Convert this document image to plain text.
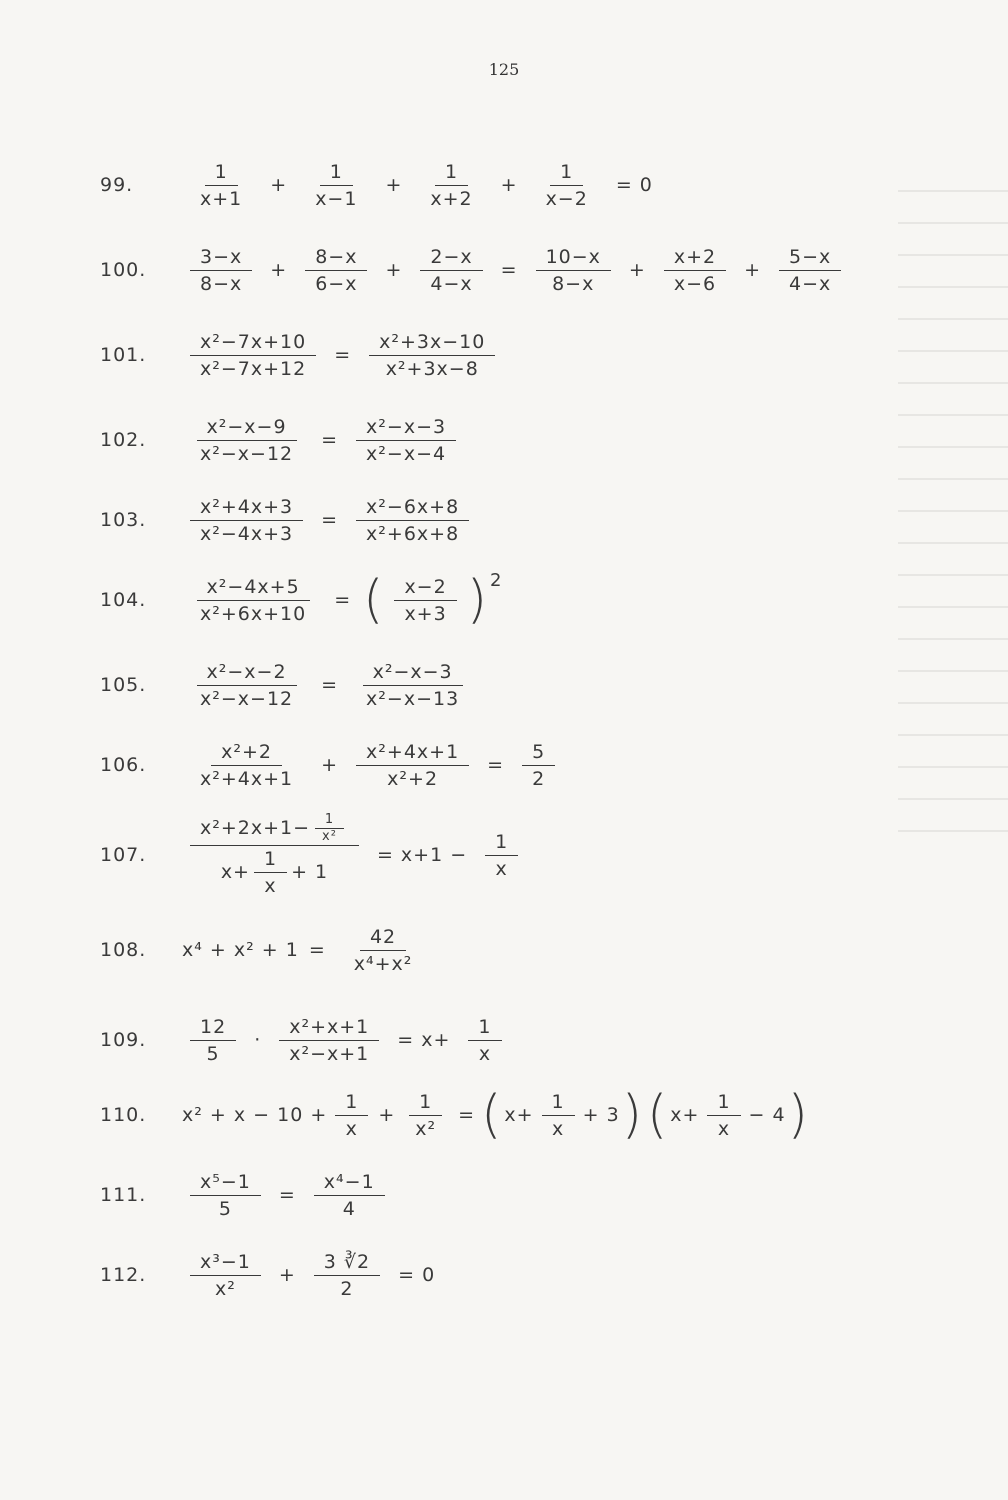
125
99.	$\frac{1}{x+1} + \frac{1}{x-1} + \frac{1}{x+2} + \frac{1}{x-2} = 0$
100.	$\frac{3-x}{8-x} + \frac{8-x}{6-x} + \frac{2-x}{4-x} = \frac{10-x}{8-x} + \frac{x+2}{x-6} + \frac{5-x}{4-x}$
101.	$\frac{\text{x²−7x+10}}{\text{x²−7x+12}} = \frac{\text{x²+3x−10}}{\text{x²+3x−8}}$
102.	$\frac{\text{x²−x−9}}{\text{x²−x−12}} = \frac{\text{x²−x−3}}{\text{x²−x−4}}$
103.	$\frac{\text{x²+4x+3}}{\text{x²−4x+3}} = \frac{\text{x²−6x+8}}{\text{x²+6x+8}}$
104.	$\frac{\text{x²−4x+5}}{\text{x²+6x+10}}$ = ( $\frac{x-2}{x+3}$ ) 2
105.	$\frac{\text{x²−x−2}}{\text{x²−x−12}} = \frac{\text{x²−x−3}}{\text{x²−x−13}}$
106.	$\frac{\text{x²+2}}{\text{x²+4x+1}} + \frac{\text{x²+4x+1}}{\text{x²+2}} = \frac{5}{2}$
107.	$\frac{x^2+2x+1- \frac{1}{\text{x²}}}{x+ \frac{1}{x} + 1} = x+1 - \frac{1}{x}$
108.	$x^4 + x^2 + 1 = \frac{42}{\text{x⁴+x²}}$
109.	$\frac{12}{5} \cdot \frac{\text{x²+x+1}}{\text{x²−x+1}} = x+ \frac{1}{x}$
110.	$x^2 + x - 10 + \frac{1}{x} + \frac{1}{\text{x²}}$ = ( $x+ \frac{1}{x} + 3$ ) ( $x+ \frac{1}{x} - 4$ )
111.	$\frac{\text{x⁵−1}}{5} = \frac{\text{x⁴−1}}{4}$
112.	$\frac{\text{x³−1}}{\text{x²}} + \frac{3 ∛2}{2} = 0$
